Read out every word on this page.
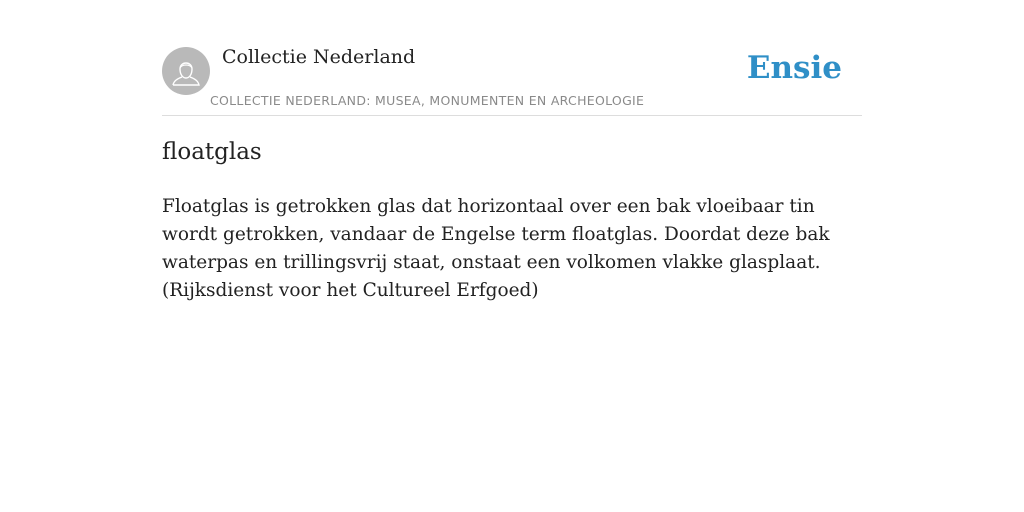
Collectie Nederland
COLLECTIE NEDERLAND: MUSEA, MONUMENTEN EN ARCHEOLOGIE
Ensie
floatglas

Floatglas is getrokken glas dat horizontaal over een bak vloeibaar tin wordt getrokken, vandaar de Engelse term floatglas. Doordat deze bak waterpas en trillingsvrij staat, onstaat een volkomen vlakke glasplaat. (Rijksdienst voor het Cultureel Erfgoed)
